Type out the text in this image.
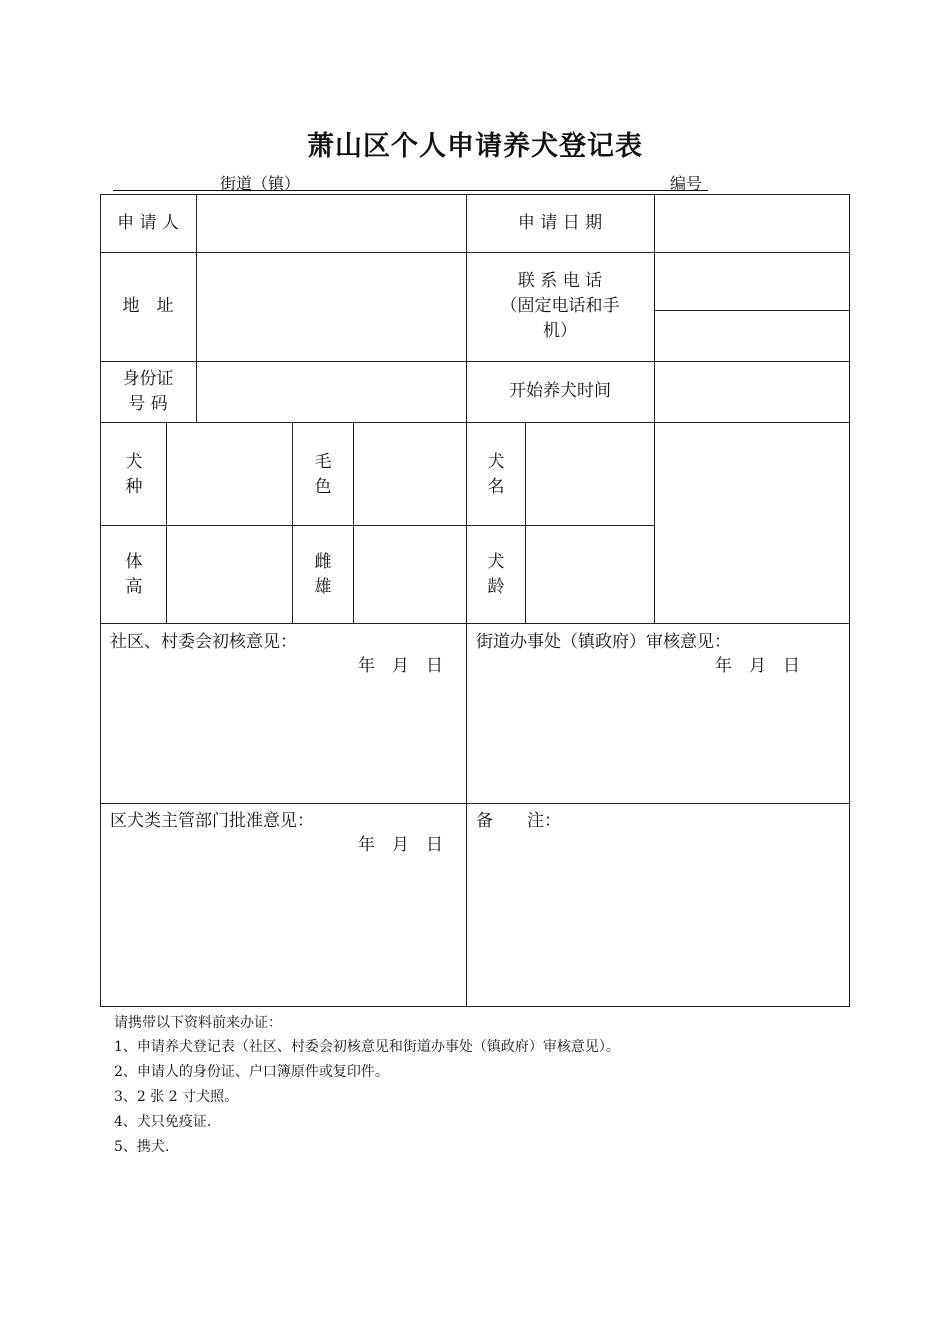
萧山区个人申请养犬登记表
街道（镇）	编号
申 请 人	申 请 日 期
地　址
联 系 电 话
（固定电话和手
机）
身份证
号 码
开始养犬时间
犬
种
毛
色
犬
名
体
高
雌
雄
犬
龄
社区、村委会初核意见：
年　月　日
街道办事处（镇政府）审核意见：
年　月　日
区犬类主管部门批准意见：
年　月　日
备　　注：
请携带以下资料前来办证：
1、申请养犬登记表（社区、村委会初核意见和街道办事处（镇政府）审核意见）。
2、申请人的身份证、户口簿原件或复印件。
3、2 张 2 寸犬照。
4、犬只免疫证.
5、携犬.
